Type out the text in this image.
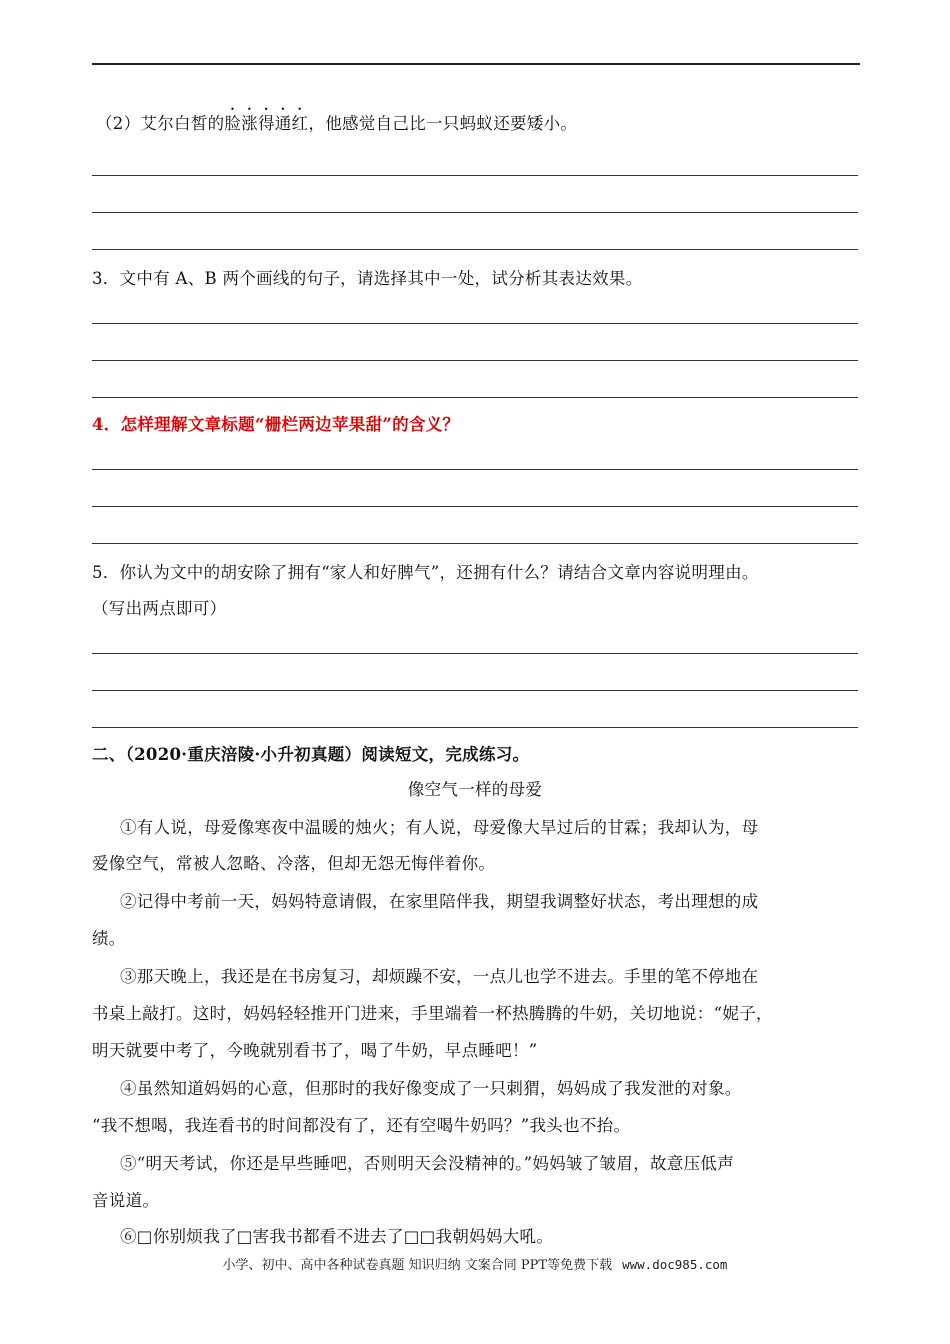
（2）艾尔白皙的脸涨得通红，他感觉自己比一只蚂蚁还要矮小。
3．文中有 A、B 两个画线的句子，请选择其中一处，试分析其表达效果。
4．怎样理解文章标题“栅栏两边苹果甜”的含义？
5．你认为文中的胡安除了拥有“家人和好脾气”，还拥有什么？请结合文章内容说明理由。
（写出两点即可）
二、（2020·重庆涪陵·小升初真题）阅读短文，完成练习。
像空气一样的母爱
①有人说，母爱像寒夜中温暖的烛火；有人说，母爱像大旱过后的甘霖；我却认为，母
爱像空气，常被人忽略、冷落，但却无怨无悔伴着你。
②记得中考前一天，妈妈特意请假，在家里陪伴我，期望我调整好状态，考出理想的成
绩。
③那天晚上，我还是在书房复习，却烦躁不安，一点儿也学不进去。手里的笔不停地在
书桌上敲打。这时，妈妈轻轻推开门进来，手里端着一杯热腾腾的牛奶，关切地说：“妮子，
明天就要中考了，今晚就别看书了，喝了牛奶，早点睡吧！”
④虽然知道妈妈的心意，但那时的我好像变成了一只刺猬，妈妈成了我发泄的对象。
“我不想喝，我连看书的时间都没有了，还有空喝牛奶吗？”我头也不抬。
⑤“明天考试，你还是早些睡吧，否则明天会没精神的。”妈妈皱了皱眉，故意压低声
音说道。
⑥□你别烦我了□害我书都看不进去了□□我朝妈妈大吼。
小学、初中、高中各种试卷真题 知识归纳 文案合同 PPT等免费下载 www.doc985.com
